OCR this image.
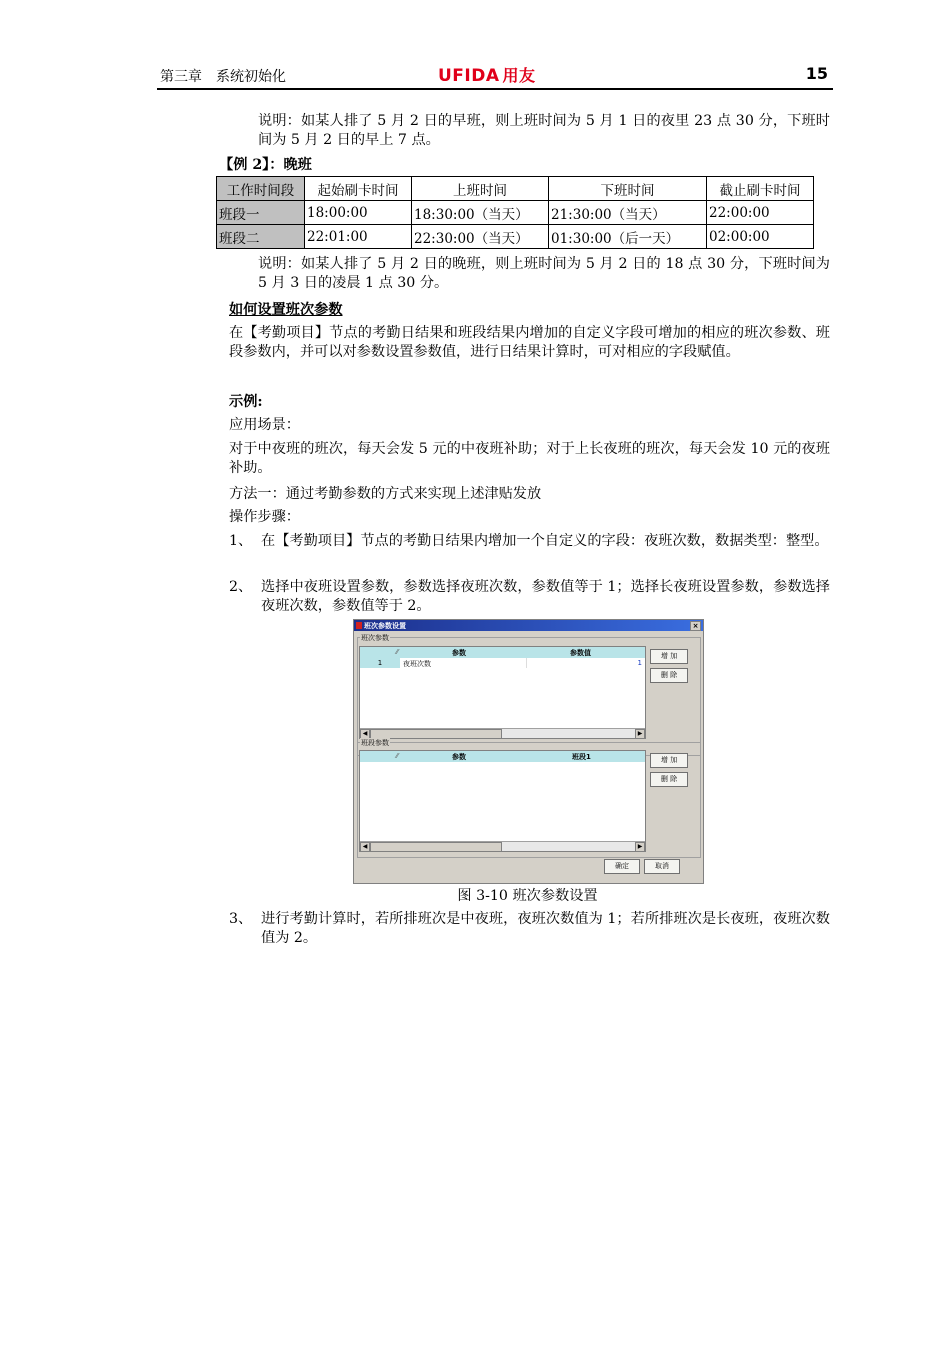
第三章　系统初始化	UFIDA 用友	15
说明：如某人排了 5 月 2 日的早班，则上班时间为 5 月 1 日的夜里 23 点 30 分，下班时间为 5 月 2 日的早上 7 点。
【例 2】：晚班
工作时间段	起始刷卡时间	上班时间	下班时间	截止刷卡时间
班段一	18:00:00	18:30:00（当天）	21:30:00（当天）	22:00:00
班段二	22:01:00	22:30:00（当天）	01:30:00（后一天）	02:00:00
说明：如某人排了 5 月 2 日的晚班，则上班时间为 5 月 2 日的 18 点 30 分，下班时间为 5 月 3 日的凌晨 1 点 30 分。
如何设置班次参数
在【考勤项目】节点的考勤日结果和班段结果内增加的自定义字段可增加的相应的班次参数、班段参数内，并可以对参数设置参数值，进行日结果计算时，可对相应的字段赋值。
示例:
应用场景：
对于中夜班的班次，每天会发 5 元的中夜班补助；对于上长夜班的班次，每天会发 10 元的夜班补助。
方法一：通过考勤参数的方式来实现上述津贴发放
操作步骤：
1、 在【考勤项目】节点的考勤日结果内增加一个自定义的字段：夜班次数，数据类型：整型。
2、 选择中夜班设置参数，参数选择夜班次数，参数值等于 1；选择长夜班设置参数，参数选择夜班次数，参数值等于 2。
班次参数设置	×
班次参数
参数	参数值
⁄⁄
1	夜班次数	1
◀	▶
增 加
删 除
班段参数
参数	班段1
⁄⁄
◀	▶
增 加
删 除
确定	取消
图 3-10 班次参数设置
3、 进行考勤计算时，若所排班次是中夜班，夜班次数值为 1；若所排班次是长夜班，夜班次数值为 2。
